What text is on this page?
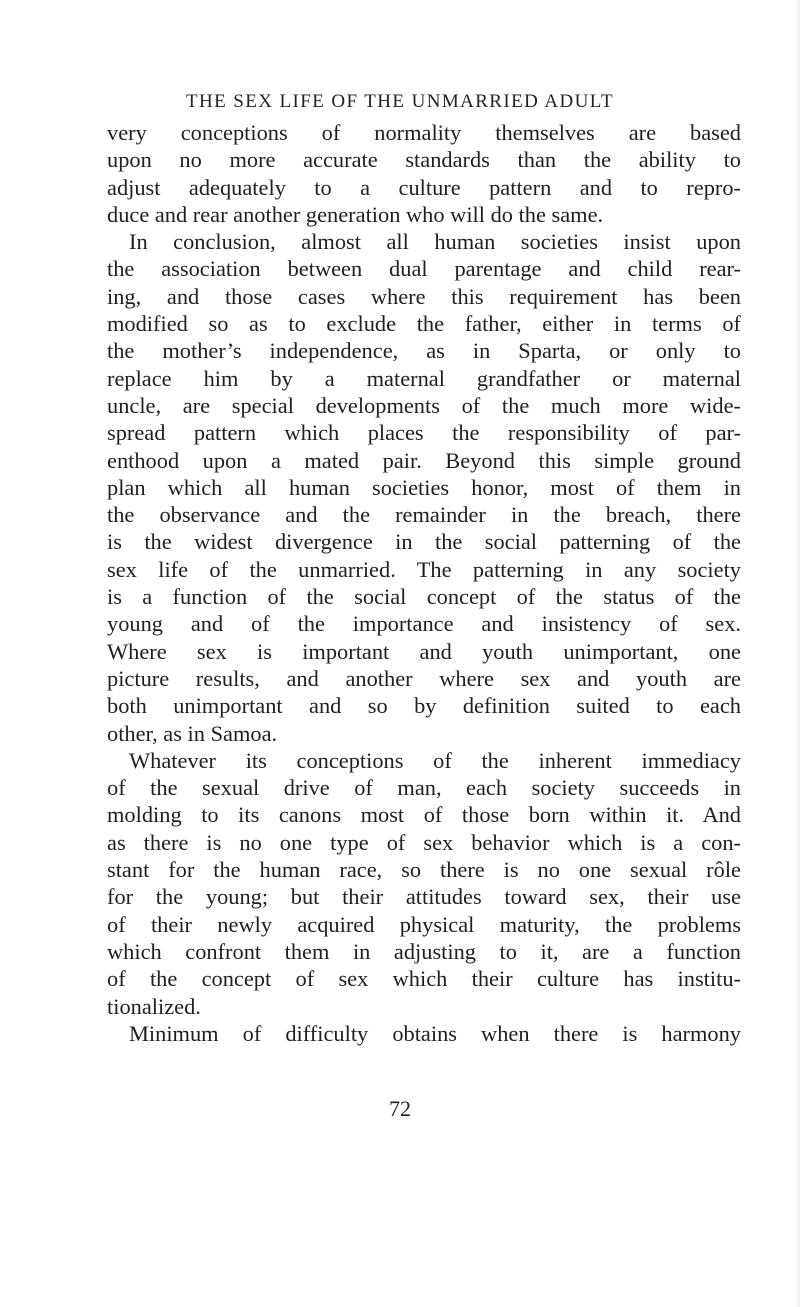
THE SEX LIFE OF THE UNMARRIED ADULT
very conceptions of normality themselves are based
upon no more accurate standards than the ability to
adjust adequately to a culture pattern and to repro-
duce and rear another generation who will do the same.
In conclusion, almost all human societies insist upon
the association between dual parentage and child rear-
ing, and those cases where this requirement has been
modified so as to exclude the father, either in terms of
the mother’s independence, as in Sparta, or only to
replace him by a maternal grandfather or maternal
uncle, are special developments of the much more wide-
spread pattern which places the responsibility of par-
enthood upon a mated pair. Beyond this simple ground
plan which all human societies honor, most of them in
the observance and the remainder in the breach, there
is the widest divergence in the social patterning of the
sex life of the unmarried. The patterning in any society
is a function of the social concept of the status of the
young and of the importance and insistency of sex.
Where sex is important and youth unimportant, one
picture results, and another where sex and youth are
both unimportant and so by definition suited to each
other, as in Samoa.
Whatever its conceptions of the inherent immediacy
of the sexual drive of man, each society succeeds in
molding to its canons most of those born within it. And
as there is no one type of sex behavior which is a con-
stant for the human race, so there is no one sexual rôle
for the young; but their attitudes toward sex, their use
of their newly acquired physical maturity, the problems
which confront them in adjusting to it, are a function
of the concept of sex which their culture has institu-
tionalized.
Minimum of difficulty obtains when there is harmony
72
